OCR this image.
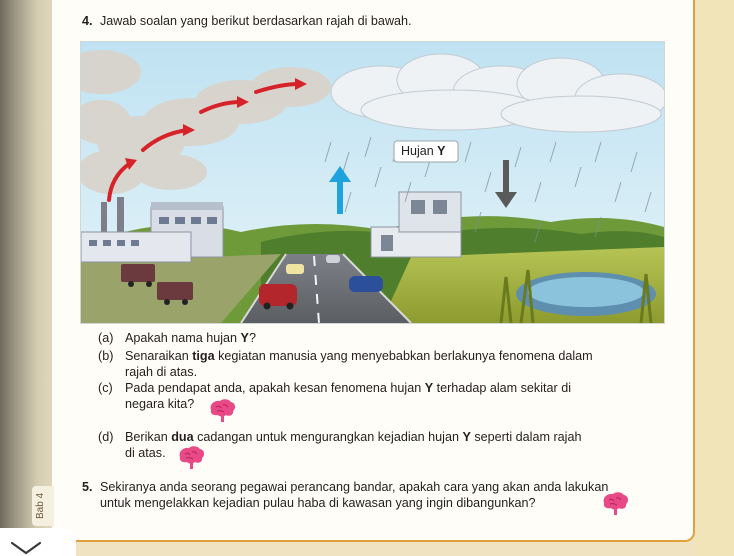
4. Jawab soalan yang berikut berdasarkan rajah di bawah.
Hujan Y
(a) Apakah nama hujan Y?
(b) Senaraikan tiga kegiatan manusia yang menyebabkan berlakunya fenomena dalam
rajah di atas.
(c) Pada pendapat anda, apakah kesan fenomena hujan Y terhadap alam sekitar di
negara kita?
(d) Berikan dua cadangan untuk mengurangkan kejadian hujan Y seperti dalam rajah
di atas.
5. Sekiranya anda seorang pegawai perancang bandar, apakah cara yang akan anda lakukan
untuk mengelakkan kejadian pulau haba di kawasan yang ingin dibangunkan?
Bab 4
